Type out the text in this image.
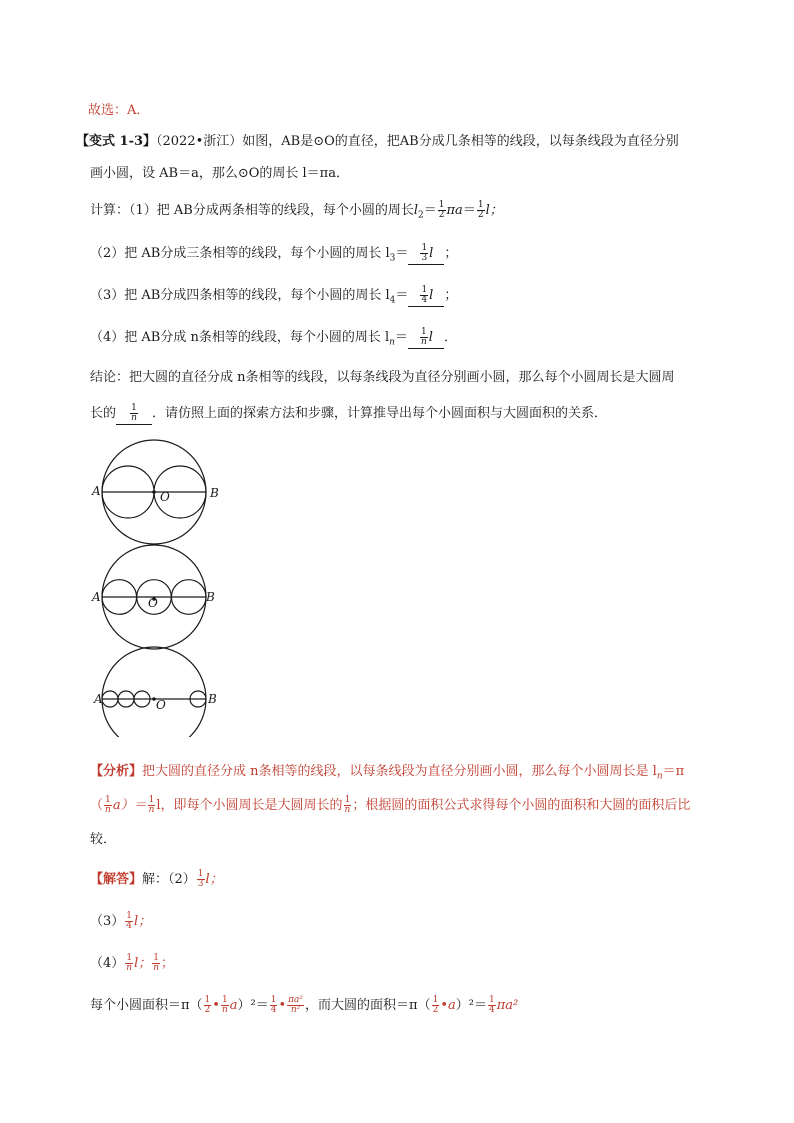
故选：A．
【变式 1-3】（2022•浙江）如图，AB是⊙O的直径，把AB分成几条相等的线段，以每条线段为直径分别
画小圆，设 AB＝a，那么⊙O的周长 l＝πa．
计算：（1）把 AB分成两条相等的线段，每个小圆的周长$l_2= \frac{1}{2} \pi a= \frac{1}{2}$ l；
（2）把 AB分成三条相等的线段，每个小圆的周长 $l_3= \frac{1}{3}$ l ；
（3）把 AB分成四条相等的线段，每个小圆的周长 $l_4= \frac{1}{4}$ l ；
（4）把 AB分成 n条相等的线段，每个小圆的周长 $l_n= \frac{1}{n}$ l ．
结论：把大圆的直径分成 n条相等的线段，以每条线段为直径分别画小圆，那么每个小圆周长是大圆周
长的 $\frac{1}{n}$ ．请仿照上面的探索方法和步骤，计算推导出每个小圆面积与大圆面积的关系．
A	B
O
A	B
O
A	B
O
【分析】把大圆的直径分成 n条相等的线段，以每条线段为直径分别画小圆，那么每个小圆周长是 $l_n=\pi$
（ $\frac{1}{n} a)= \frac{1}{n}$ l，即每个小圆周长是大圆周长的 $\frac{1}{n}$ ；根据圆的面积公式求得每个小圆的面积和大圆的面积后比
较．
【解答】解：$(2) \frac{1}{3}$ l；
$(3) \frac{1}{4}$ l；
$(4) \frac{1}{n}$ l； $\frac{1}{n}$ ；
每个小圆面积$=\pi( \frac{1}{2}$ • $\frac{1}{n} a)^2= \frac{1}{4}$ • $\frac{\text{πa²}}{\text{n²}}$ ，而大圆的面积$=\pi( \frac{1}{2}$ •a）²＝ $\frac{1}{4} \pi a^2$
